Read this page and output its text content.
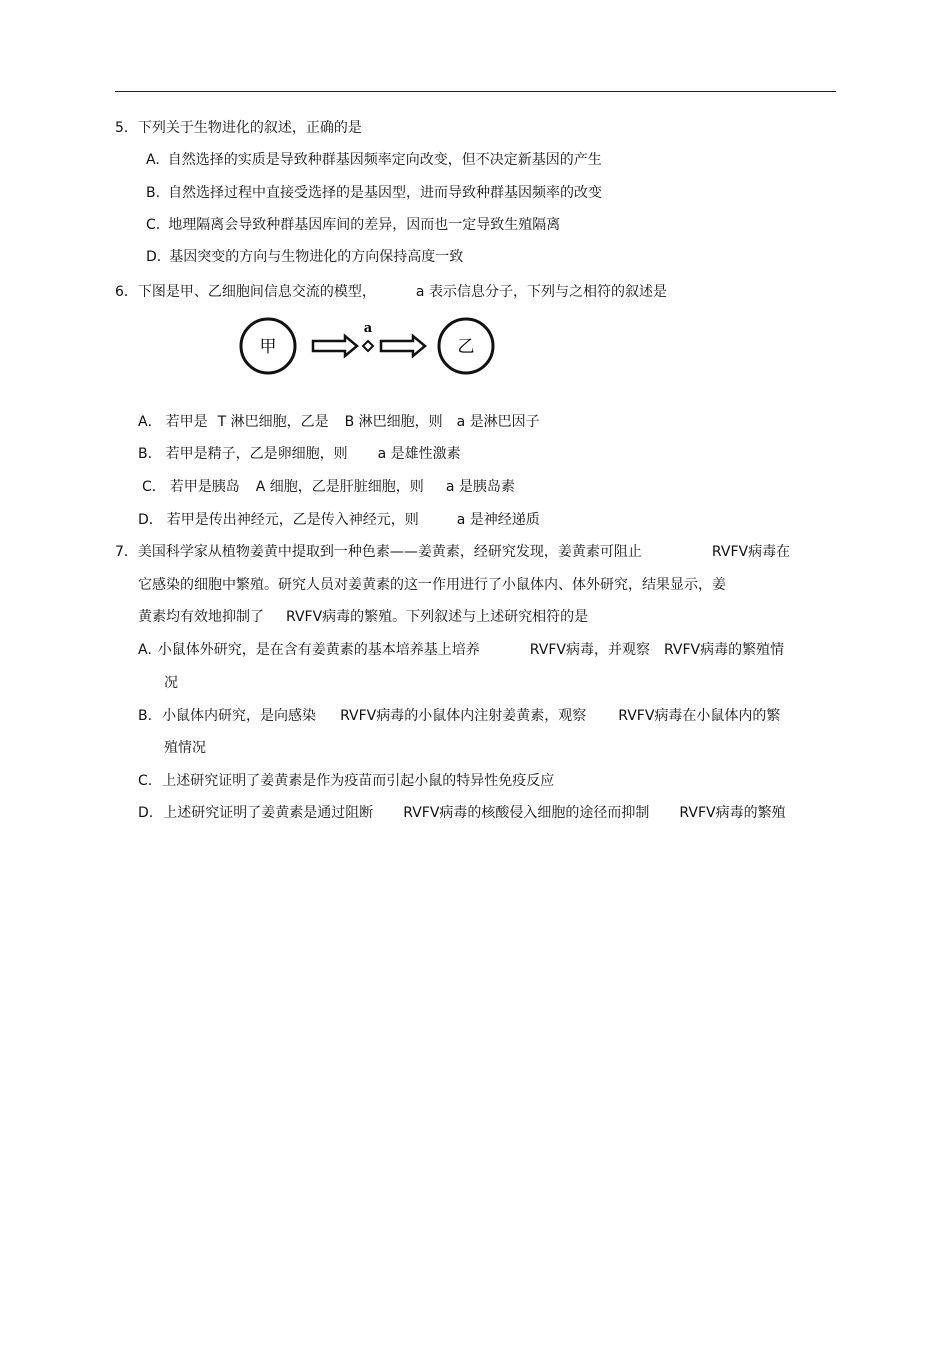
5．下列关于生物进化的叙述，正确的是
A. 自然选择的实质是导致种群基因频率定向改变，但不决定新基因的产生
B. 自然选择过程中直接受选择的是基因型，进而导致种群基因频率的改变
C. 地理隔离会导致种群基因库间的差异，因而也一定导致生殖隔离
D. 基因突变的方向与生物进化的方向保持高度一致
6．下图是甲、乙细胞间信息交流的模型，	a 表示信息分子，下列与之相符的叙述是
甲
a
乙
A． 若甲是 T 淋巴细胞，乙是 B 淋巴细胞，则 a 是淋巴因子
B． 若甲是精子，乙是卵细胞，则 a 是雄性激素
C． 若甲是胰岛 A 细胞，乙是肝脏细胞，则 a 是胰岛素
D． 若甲是传出神经元，乙是传入神经元，则	a 是神经递质
7．美国科学家从植物姜黄中提取到一种色素——姜黄素，经研究发现，姜黄素可阻止	RVFV病毒在
它感染的细胞中繁殖。研究人员对姜黄素的这一作用进行了小鼠体内、体外研究，结果显示，姜
黄素均有效地抑制了 RVFV病毒的繁殖。下列叙述与上述研究相符的是
A. 小鼠体外研究，是在含有姜黄素的基本培养基上培养	RVFV病毒，并观察 RVFV病毒的繁殖情
况
B. 小鼠体内研究，是向感染 RVFV病毒的小鼠体内注射姜黄素，观察 RVFV病毒在小鼠体内的繁
殖情况
C. 上述研究证明了姜黄素是作为疫苗而引起小鼠的特异性免疫反应
D. 上述研究证明了姜黄素是通过阻断 RVFV病毒的核酸侵入细胞的途径而抑制 RVFV病毒的繁殖
